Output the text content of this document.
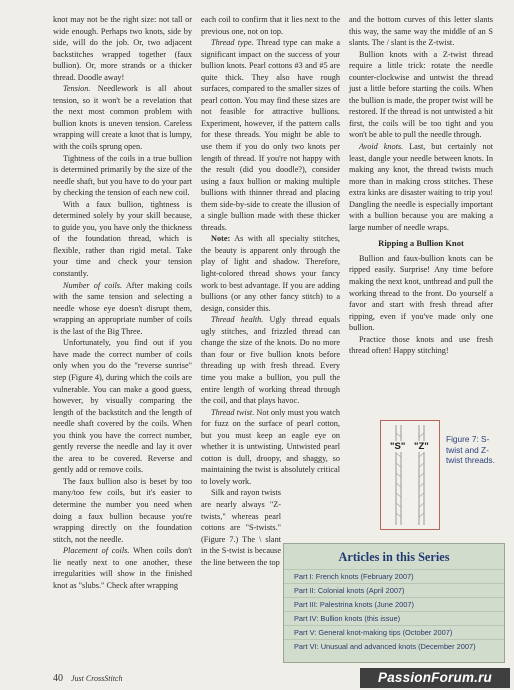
knot may not be the right size: not tall or wide enough. Perhaps two knots, side by side, will do the job. Or, two adjacent backstitches wrapped together (faux bullion). Or, more strands or a thicker thread. Doodle away!

Tension. Needlework is all about tension, so it won't be a revelation that the next most common problem with bullion knots is uneven tension. Careless wrapping will create a knot that is lumpy, with the coils sprung open.

Tightness of the coils in a true bullion is determined primarily by the size of the needle shaft, but you have to do your part by checking the tension of each new coil.

With a faux bullion, tightness is determined solely by your skill because, to guide you, you have only the thickness of the foundation thread, which is flexible, rather than rigid metal. Take your time and check your tension constantly.

Number of coils. After making coils with the same tension and selecting a needle whose eye doesn't disrupt them, wrapping an appropriate number of coils is the last of the Big Three.

Unfortunately, you find out if you have made the correct number of coils only when you do the "reverse sunrise" step (Figure 4), during which the coils are vulnerable. You can make a good guess, however, by visually comparing the length of the backstitch and the length of needle shaft covered by the coils. When you think you have the correct number, gently reverse the needle and lay it over the area to be covered. Reverse and gently add or remove coils.

The faux bullion also is beset by too many/too few coils, but it's easier to determine the number you need when doing a faux bullion because you're wrapping directly on the foundation stitch, not the needle.

Placement of coils. When coils don't lie neatly next to one another, these irregularities will show in the finished knot as "slubs." Check after wrapping

each coil to confirm that it lies next to the previous one, not on top.

Thread type. Thread type can make a significant impact on the success of your bullion knots. Pearl cottons #3 and #5 are quite thick. They also have rough surfaces, compared to the smaller sizes of pearl cotton. You may find these sizes are not feasible for attractive bullions. Experiment, however, if the pattern calls for these threads. You might be able to use them if you do only two knots per length of thread. If you're not happy with the result (did you doodle?), consider using a faux bullion or making multiple bullions with thinner thread and placing them side-by-side to create the illusion of a single bullion made with these thicker threads.

Note: As with all specialty stitches, the beauty is apparent only through the play of light and shadow. Therefore, light-colored thread shows your fancy work to best advantage. If you are adding bullions (or any other fancy stitch) to a design, consider this.

Thread health. Ugly thread equals ugly stitches, and frizzled thread can change the size of the knots. Do no more than four or five bullion knots before threading up with fresh thread. Every time you make a bullion, you pull the entire length of working thread through the coil, and that plays havoc.

Thread twist. Not only must you watch for fuzz on the surface of pearl cotton, but you must keep an eagle eye on whether it is untwisting. Untwisted pearl cotton is dull, droopy, and shaggy, so maintaining the twist is absolutely critical to lovely work.

Silk and rayon twists are nearly always "Z-twists," whereas pearl cottons are "S-twists." (Figure 7.) The \ slant in the S-twist is because the line between the top

and the bottom curves of this letter slants this way, the same way the middle of an S slants. The / slant is the Z-twist.

Bullion knots with a Z-twist thread require a little trick: rotate the needle counter-clockwise and untwist the thread just a little before starting the coils. When the bullion is made, the proper twist will be restored. If the thread is not untwisted a bit first, the coils will be too tight and you won't be able to pull the needle through.

Avoid knots. Last, but certainly not least, dangle your needle between knots. In making any knot, the thread twists much more than in making cross stitches. These extra kinks are disaster waiting to trip you! Dangling the needle is especially important with a bullion because you are making a large number of needle wraps.

Ripping a Bullion Knot

Bullion and faux-bullion knots can be ripped easily. Surprise! Any time before making the next knot, unthread and pull the working thread to the front. Do yourself a favor and start with fresh thread after ripping, even if you've made only one bullion.

Practice those knots and use fresh thread often! Happy stitching!

"S" "Z"
Figure 7: S-twist and Z-twist threads.
Articles in this Series
Part I: French knots (February 2007)
Part II: Colonial knots (April 2007)
Part III: Palestrina knots (June 2007)
Part IV: Bullion knots (this issue)
Part V: General knot-making tips (October 2007)
Part VI: Unusual and advanced knots (December 2007)
40 Just CrossStitch	PassionForum.ru
